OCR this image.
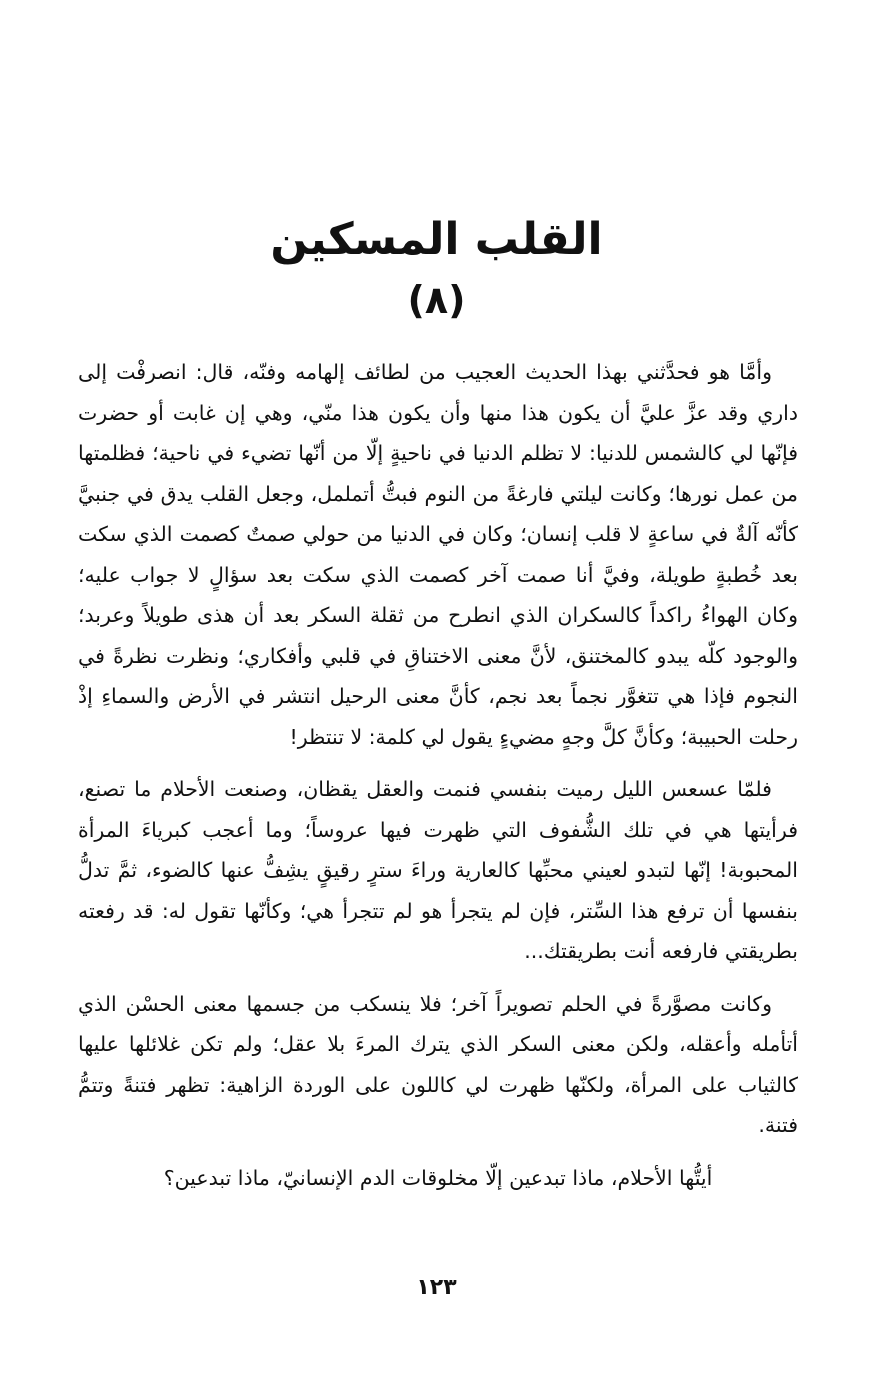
القلب المسكين
(٨)

وأمَّا هو فحدَّثني بهذا الحديث العجيب من لطائف إلهامه وفنّه، قال: انصرفْت إلى داري وقد عزَّ عليَّ أن يكون هذا منها وأن يكون هذا منّي، وهي إن غابت أو حضرت فإنّها لي كالشمس للدنيا: لا تظلم الدنيا في ناحيةٍ إلّا من أنّها تضيء في ناحية؛ فظلمتها من عمل نورها؛ وكانت ليلتي فارغةً من النوم فبتُّ أتململ، وجعل القلب يدق في جنبيَّ كأنّه آلةٌ في ساعةٍ لا قلب إنسان؛ وكان في الدنيا من حولي صمتٌ كصمت الذي سكت بعد خُطبةٍ طويلة، وفيَّ أنا صمت آخر كصمت الذي سكت بعد سؤالٍ لا جواب عليه؛ وكان الهواءُ راكداً كالسكران الذي انطرح من ثقلة السكر بعد أن هذى طويلاً وعربد؛ والوجود كلّه يبدو كالمختنق، لأنَّ معنى الاختناقِ في قلبي وأفكاري؛ ونظرت نظرةً في النجوم فإذا هي تتغوَّر نجماً بعد نجم، كأنَّ معنى الرحيل انتشر في الأرض والسماءِ إذْ رحلت الحبيبة؛ وكأنَّ كلَّ وجهٍ مضيءٍ يقول لي كلمة: لا تنتظر!

فلمّا عسعس الليل رميت بنفسي فنمت والعقل يقظان، وصنعت الأحلام ما تصنع، فرأيتها هي في تلك الشُّفوف التي ظهرت فيها عروساً؛ وما أعجب كبرياءَ المرأة المحبوبة! إنّها لتبدو لعيني محبِّها كالعارية وراءَ سترٍ رقيقٍ يشِفُّ عنها كالضوء، ثمَّ تدلُّ بنفسها أن ترفع هذا السِّتر، فإن لم يتجرأ هو لم تتجرأ هي؛ وكأنّها تقول له: قد رفعته بطريقتي فارفعه أنت بطريقتك...

وكانت مصوَّرةً في الحلم تصويراً آخر؛ فلا ينسكب من جسمها معنى الحسْن الذي أتأمله وأعقله، ولكن معنى السكر الذي يترك المرءَ بلا عقل؛ ولم تكن غلائلها عليها كالثياب على المرأة، ولكنّها ظهرت لي كاللون على الوردة الزاهية: تظهر فتنةً وتتمُّ فتنة.

أيتُّها الأحلام، ماذا تبدعين إلّا مخلوقات الدم الإنسانيّ، ماذا تبدعين؟

١٢٣
